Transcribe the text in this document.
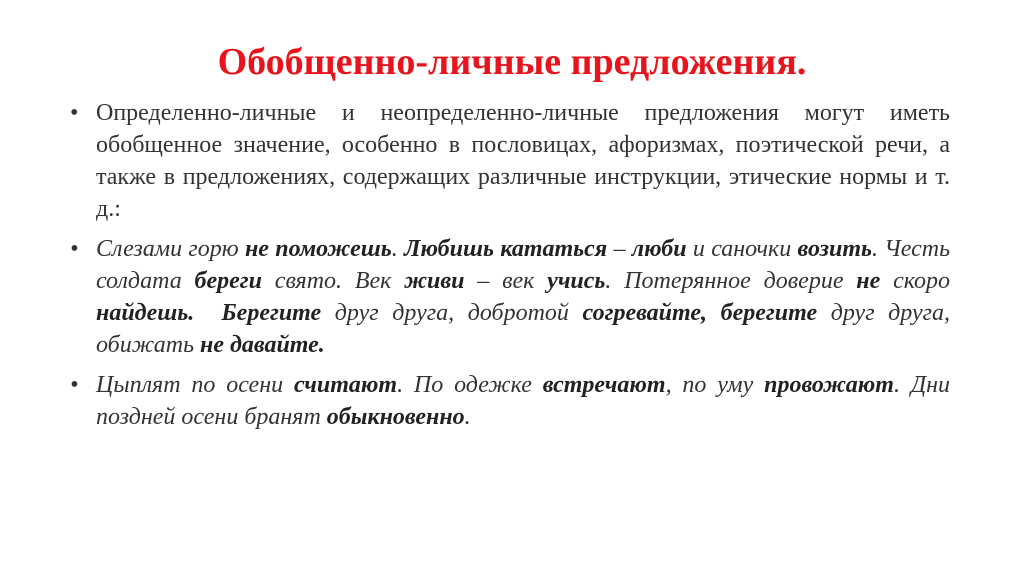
Обобщенно-личные предложения.
• Определенно-личные и неопределенно-личные предложения могут иметь обобщенное значение, особенно в пословицах, афоризмах, поэтической речи, а также в предложениях, содержащих различные инструкции, этические нормы и т. д.:
• Слезами горю не поможешь. Любишь кататься – люби и саночки возить. Честь солдата береги свято. Век живи – век учись. Потерянное доверие не скоро найдешь. Берегите друг друга, добротой согревайте, берегите друг друга, обижать не давайте.
• Цыплят по осени считают. По одежке встречают, по уму провожают. Дни поздней осени бранят обыкновенно.
